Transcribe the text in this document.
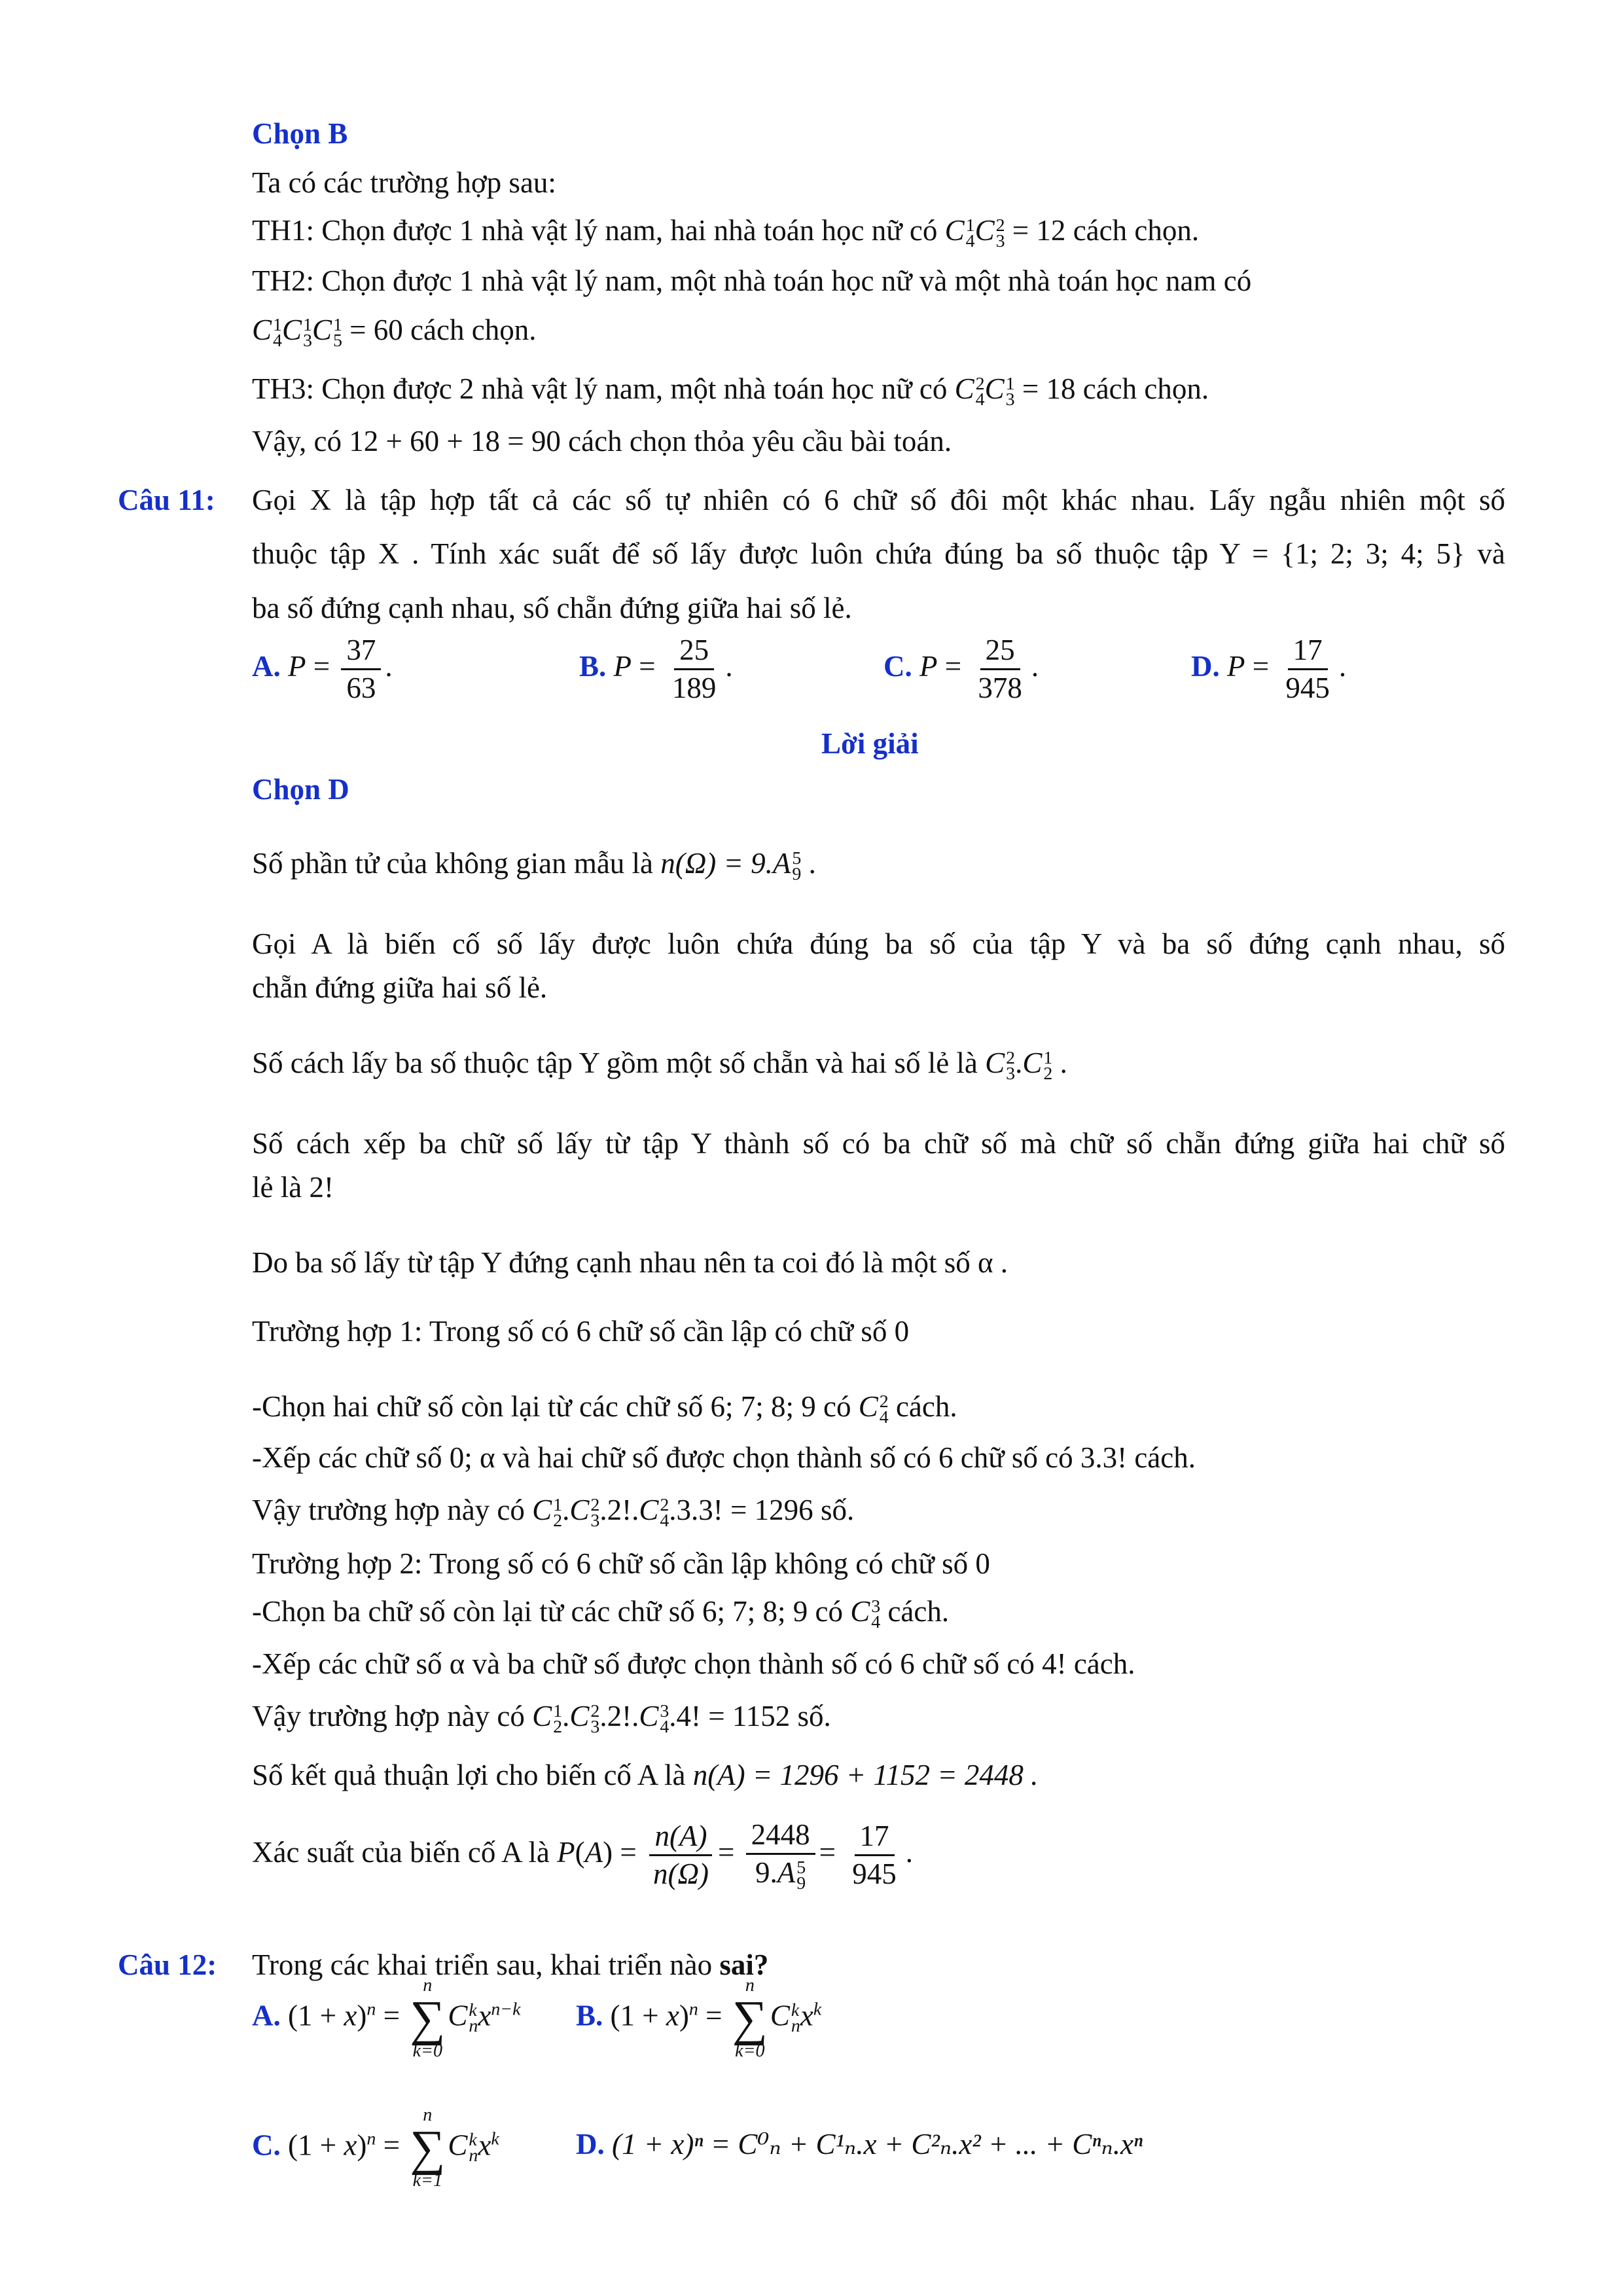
Chọn B
Ta có các trường hợp sau:
TH1: Chọn được 1 nhà vật lý nam, hai nhà toán học nữ có C 1
4 C 2
3 = 12 cách chọn.
TH2: Chọn được 1 nhà vật lý nam, một nhà toán học nữ và một nhà toán học nam có
C 1
4 C 1
3 C 1
5 = 60 cách chọn.
TH3: Chọn được 2 nhà vật lý nam, một nhà toán học nữ có C 2
4 C 1
3 = 18 cách chọn.
Vậy, có 12 + 60 + 18 = 90 cách chọn thỏa yêu cầu bài toán.
Câu 11: Gọi X là tập hợp tất cả các số tự nhiên có 6 chữ số đôi một khác nhau. Lấy ngẫu nhiên một số
thuộc tập X . Tính xác suất để số lấy được luôn chứa đúng ba số thuộc tập Y = {1; 2; 3; 4; 5} và
ba số đứng cạnh nhau, số chẵn đứng giữa hai số lẻ.
A. $P = \frac{37}{63}$ .	B. $P = \frac{25}{189}$ .	C. $P = \frac{25}{378}$ .	D. $P = \frac{17}{945}$ .
Lời giải
Chọn D
Số phần tử của không gian mẫu là n(Ω) = 9.A 5
9 .
Gọi A là biến cố số lấy được luôn chứa đúng ba số của tập Y và ba số đứng cạnh nhau, số
chẵn đứng giữa hai số lẻ.
Số cách lấy ba số thuộc tập Y gồm một số chẵn và hai số lẻ là C 2
3 .C 1
2 .
Số cách xếp ba chữ số lấy từ tập Y thành số có ba chữ số mà chữ số chẵn đứng giữa hai chữ số
lẻ là 2!
Do ba số lấy từ tập Y đứng cạnh nhau nên ta coi đó là một số α .
Trường hợp 1: Trong số có 6 chữ số cần lập có chữ số 0
-Chọn hai chữ số còn lại từ các chữ số 6; 7; 8; 9 có C 2
4 cách.
-Xếp các chữ số 0; α và hai chữ số được chọn thành số có 6 chữ số có 3.3! cách.
Vậy trường hợp này có C 1
2 .C 2
3 .2!.C 2
4 .3.3! = 1296 số.
Trường hợp 2: Trong số có 6 chữ số cần lập không có chữ số 0
-Chọn ba chữ số còn lại từ các chữ số 6; 7; 8; 9 có C 3
4 cách.
-Xếp các chữ số α và ba chữ số được chọn thành số có 6 chữ số có 4! cách.
Vậy trường hợp này có C 1
2 .C 2
3 .2!.C 3
4 .4! = 1152 số.
Số kết quả thuận lợi cho biến cố A là n(A) = 1296 + 1152 = 2448 .
Xác suất của biến cố A là $P(A) = \frac{n(A)}{n(\Omega)} = 2448$
9.A 5
$9 = \frac{17}{945}$ .
Câu 12: Trong các khai triển sau, khai triển nào sai?
A. $(1 + x)^n$ =
n
∑
k=0
C k
n $x^{n-k}$ B. $(1 + x)^n$ =
n
∑
k=0
C k
n $x^k$
C. $(1 + x)^n$ =
n
∑
k=1
C k
n $x^k$	D. (1 + x)ⁿ = C⁰ₙ + C¹ₙ.x + C²ₙ.x² + ... + Cⁿₙ.xⁿ
